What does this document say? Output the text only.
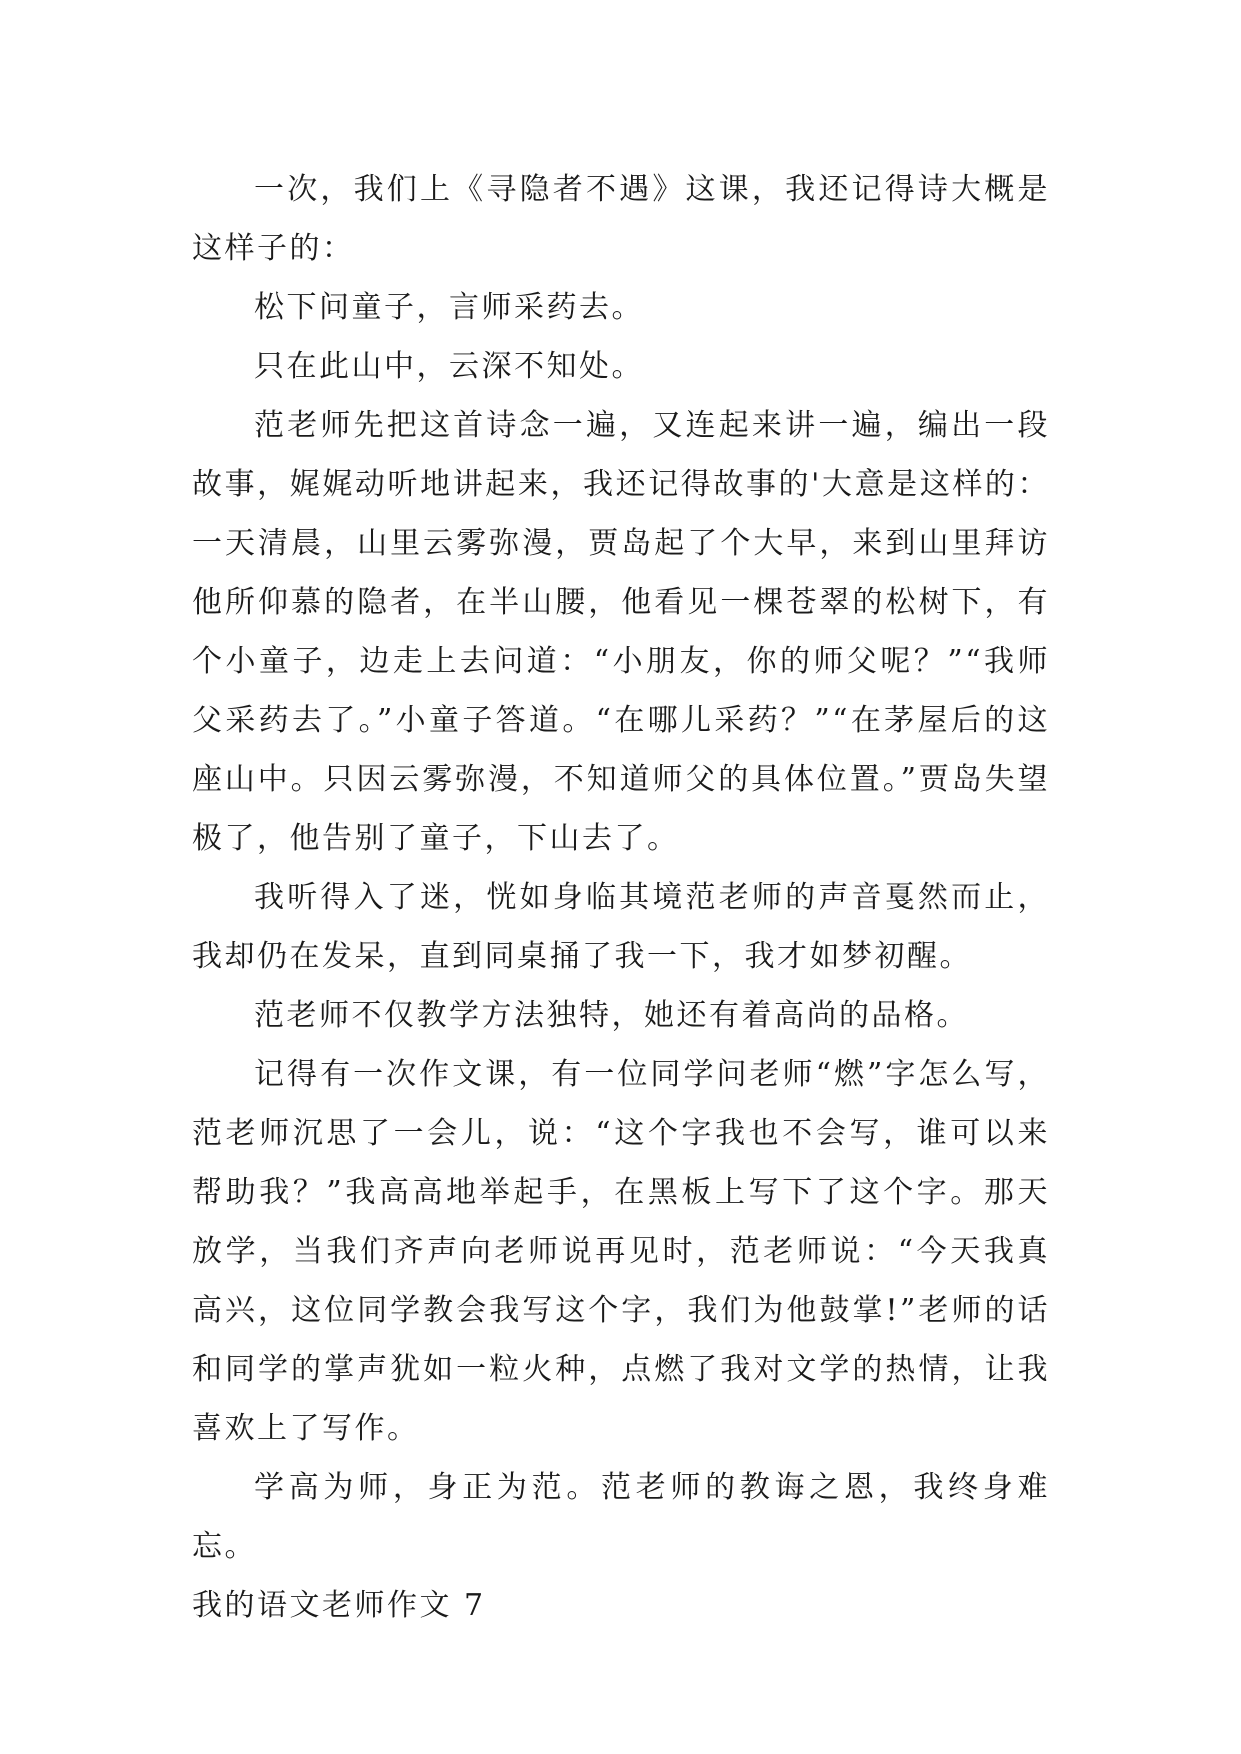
一次，我们上《寻隐者不遇》这课，我还记得诗大概是这样子的：

松下问童子，言师采药去。

只在此山中，云深不知处。

范老师先把这首诗念一遍，又连起来讲一遍，编出一段故事，娓娓动听地讲起来，我还记得故事的'大意是这样的：一天清晨，山里云雾弥漫，贾岛起了个大早，来到山里拜访他所仰慕的隐者，在半山腰，他看见一棵苍翠的松树下，有个小童子，边走上去问道：“小朋友，你的师父呢？”“我师父采药去了。”小童子答道。“在哪儿采药？”“在茅屋后的这座山中。只因云雾弥漫，不知道师父的具体位置。”贾岛失望极了，他告别了童子，下山去了。

我听得入了迷，恍如身临其境范老师的声音戛然而止，我却仍在发呆，直到同桌捅了我一下，我才如梦初醒。

范老师不仅教学方法独特，她还有着高尚的品格。

记得有一次作文课，有一位同学问老师“燃”字怎么写，范老师沉思了一会儿，说：“这个字我也不会写，谁可以来帮助我？”我高高地举起手，在黑板上写下了这个字。那天放学，当我们齐声向老师说再见时，范老师说：“今天我真高兴，这位同学教会我写这个字，我们为他鼓掌!”老师的话和同学的掌声犹如一粒火种，点燃了我对文学的热情，让我喜欢上了写作。

学高为师，身正为范。范老师的教诲之恩，我终身难忘。

我的语文老师作文 7
